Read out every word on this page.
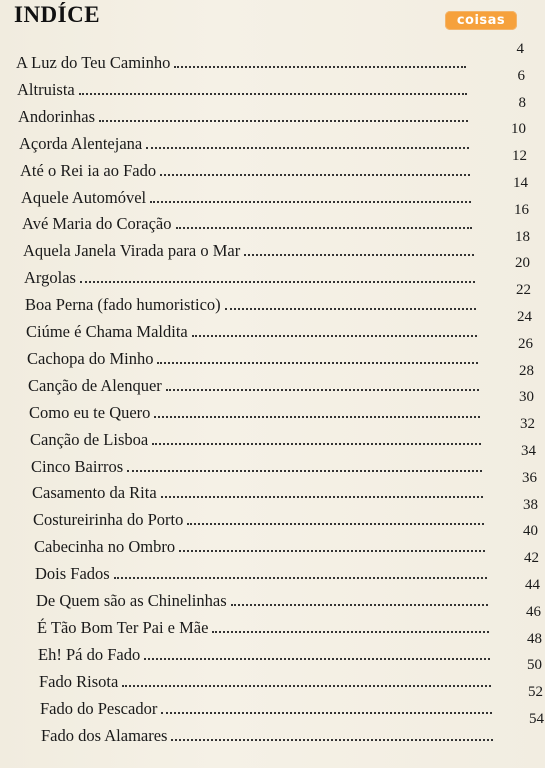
INDÍCE	coisas
A Luz do Teu Caminho
4
Altruista
6
Andorinhas
8
Açorda Alentejana
10
Até o Rei ia ao Fado
12
Aquele Automóvel
14
Avé Maria do Coração
16
Aquela Janela Virada para o Mar
18
Argolas
20
Boa Perna (fado humoristico)
22
Ciúme é Chama Maldita
24
Cachopa do Minho
26
Canção de Alenquer
28
Como eu te Quero
30
Canção de Lisboa
32
Cinco Bairros
34
Casamento da Rita
36
Costureirinha do Porto
38
Cabecinha no Ombro
40
Dois Fados
42
De Quem são as Chinelinhas
44
É Tão Bom Ter Pai e Mãe
46
Eh! Pá do Fado
48
Fado Risota
50
Fado do Pescador
52
Fado dos Alamares
54
